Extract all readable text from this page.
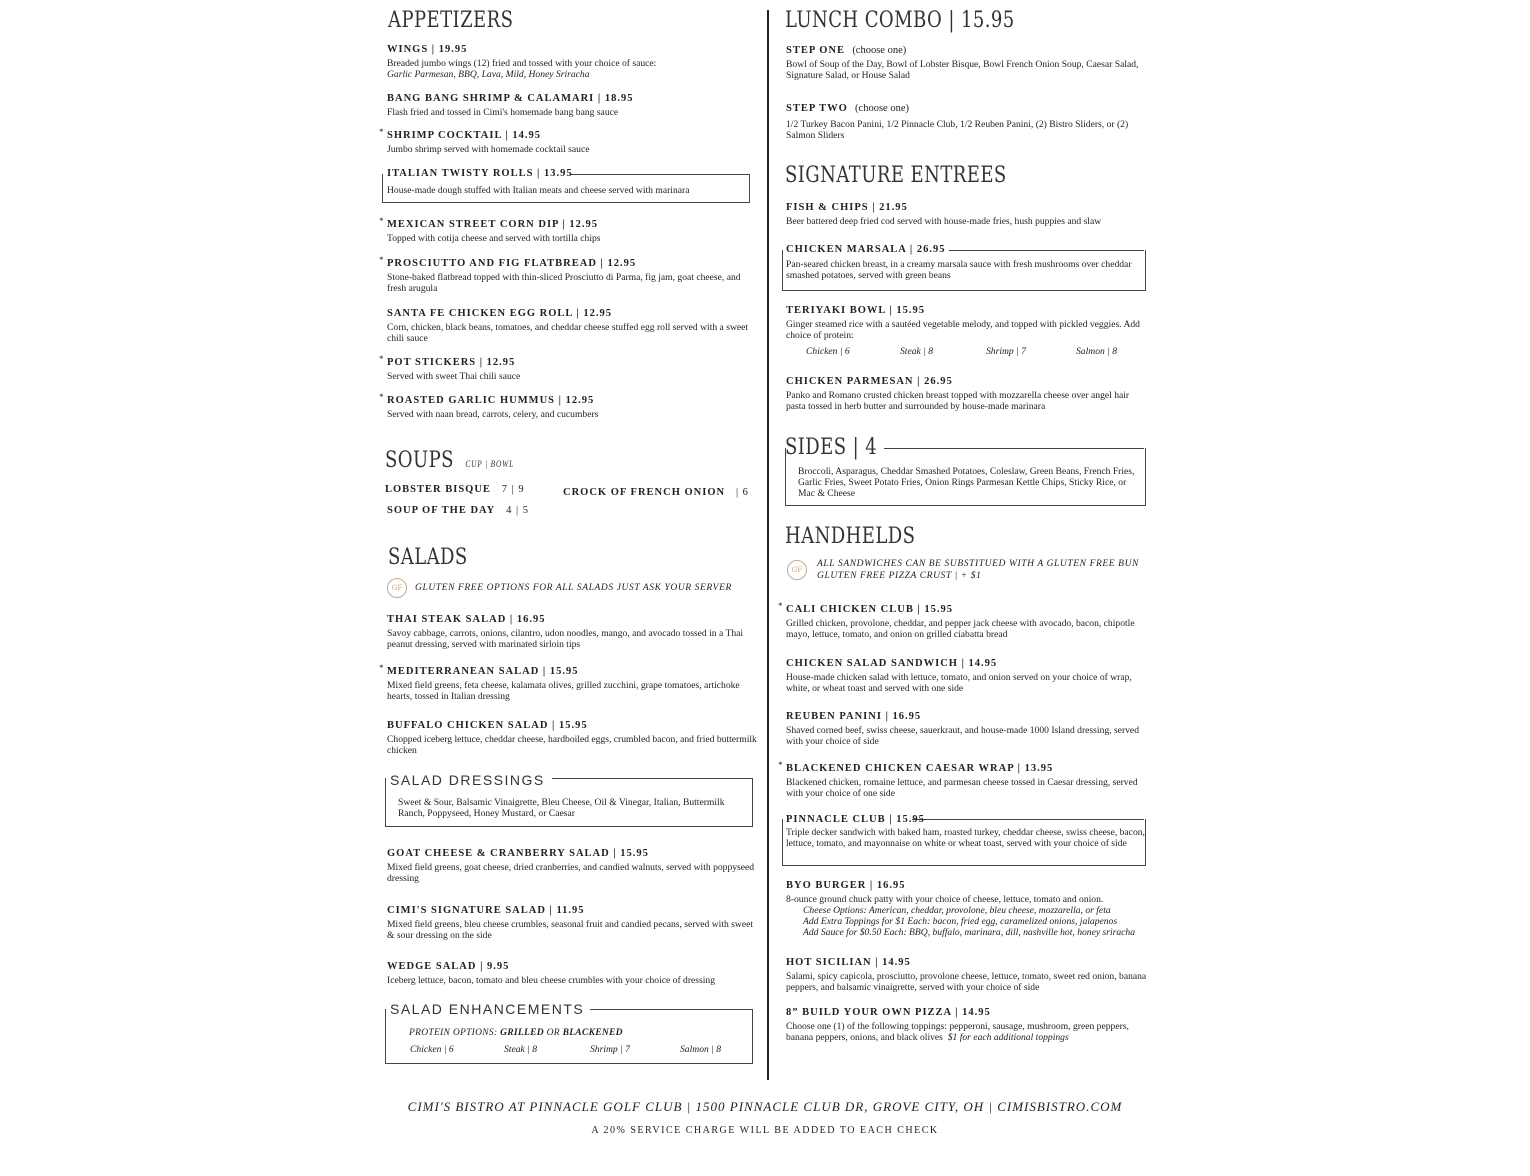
APPETIZERS
WINGS | 19.95
Breaded jumbo wings (12) fried and tossed with your choice of sauce:
Garlic Parmesan, BBQ, Lava, Mild, Honey Sriracha
BANG BANG SHRIMP & CALAMARI | 18.95
Flash fried and tossed in Cimi's homemade bang bang sauce
* SHRIMP COCKTAIL | 14.95
Jumbo shrimp served with homemade cocktail sauce
ITALIAN TWISTY ROLLS | 13.95
House-made dough stuffed with Italian meats and cheese served with marinara
* MEXICAN STREET CORN DIP | 12.95
Topped with cotija cheese and served with tortilla chips
* PROSCIUTTO AND FIG FLATBREAD | 12.95
Stone-baked flatbread topped with thin-sliced Prosciutto di Parma, fig jam, goat cheese, and fresh arugula
SANTA FE CHICKEN EGG ROLL | 12.95
Corn, chicken, black beans, tomatoes, and cheddar cheese stuffed egg roll served with a sweet chili sauce
* POT STICKERS | 12.95
Served with sweet Thai chili sauce
* ROASTED GARLIC HUMMUS | 12.95
Served with naan bread, carrots, celery, and cucumbers
SOUPS CUP | BOWL
LOBSTER BISQUE 7 | 9
SOUP OF THE DAY 4 | 5
CROCK OF FRENCH ONION | 6
SALADS
GF	GLUTEN FREE OPTIONS FOR ALL SALADS JUST ASK YOUR SERVER
THAI STEAK SALAD | 16.95
Savoy cabbage, carrots, onions, cilantro, udon noodles, mango, and avocado tossed in a Thai peanut dressing, served with marinated sirloin tips
* MEDITERRANEAN SALAD | 15.95
Mixed field greens, feta cheese, kalamata olives, grilled zucchini, grape tomatoes, artichoke hearts, tossed in Italian dressing
BUFFALO CHICKEN SALAD | 15.95
Chopped iceberg lettuce, cheddar cheese, hardboiled eggs, crumbled bacon, and fried buttermilk chicken
SALAD DRESSINGS
Sweet & Sour, Balsamic Vinaigrette, Bleu Cheese, Oil & Vinegar, Italian, Buttermilk Ranch, Poppyseed, Honey Mustard, or Caesar
GOAT CHEESE & CRANBERRY SALAD | 15.95
Mixed field greens, goat cheese, dried cranberries, and candied walnuts, served with poppyseed dressing
CIMI'S SIGNATURE SALAD | 11.95
Mixed field greens, bleu cheese crumbles, seasonal fruit and candied pecans, served with sweet & sour dressing on the side
WEDGE SALAD | 9.95
Iceberg lettuce, bacon, tomato and bleu cheese crumbles with your choice of dressing
SALAD ENHANCEMENTS
PROTEIN OPTIONS: GRILLED OR BLACKENED
Chicken | 6	Steak | 8	Shrimp | 7	Salmon | 8
LUNCH COMBO | 15.95
STEP ONE (choose one)
Bowl of Soup of the Day, Bowl of Lobster Bisque, Bowl French Onion Soup, Caesar Salad, Signature Salad, or House Salad
STEP TWO (choose one)
1/2 Turkey Bacon Panini, 1/2 Pinnacle Club, 1/2 Reuben Panini, (2) Bistro Sliders, or (2) Salmon Sliders
SIGNATURE ENTREES
FISH & CHIPS | 21.95
Beer battered deep fried cod served with house-made fries, hush puppies and slaw
CHICKEN MARSALA | 26.95
Pan-seared chicken breast, in a creamy marsala sauce with fresh mushrooms over cheddar smashed potatoes, served with green beans
TERIYAKI BOWL | 15.95
Ginger steamed rice with a sautéed vegetable melody, and topped with pickled veggies. Add choice of protein:
Chicken | 6	Steak | 8	Shrimp | 7	Salmon | 8
CHICKEN PARMESAN | 26.95
Panko and Romano crusted chicken breast topped with mozzarella cheese over angel hair pasta tossed in herb butter and surrounded by house-made marinara
SIDES | 4
Broccoli, Asparagus, Cheddar Smashed Potatoes, Coleslaw, Green Beans, French Fries, Garlic Fries, Sweet Potato Fries, Onion Rings Parmesan Kettle Chips, Sticky Rice, or Mac & Cheese
HANDHELDS
GF
ALL SANDWICHES CAN BE SUBSTITUED WITH A GLUTEN FREE BUN
GLUTEN FREE PIZZA CRUST | + $1
* CALI CHICKEN CLUB | 15.95
Grilled chicken, provolone, cheddar, and pepper jack cheese with avocado, bacon, chipotle mayo, lettuce, tomato, and onion on grilled ciabatta bread
CHICKEN SALAD SANDWICH | 14.95
House-made chicken salad with lettuce, tomato, and onion served on your choice of wrap, white, or wheat toast and served with one side
REUBEN PANINI | 16.95
Shaved corned beef, swiss cheese, sauerkraut, and house-made 1000 Island dressing, served with your choice of side
* BLACKENED CHICKEN CAESAR WRAP | 13.95
Blackened chicken, romaine lettuce, and parmesan cheese tossed in Caesar dressing, served with your choice of one side
PINNACLE CLUB | 15.95
Triple decker sandwich with baked ham, roasted turkey, cheddar cheese, swiss cheese, bacon, lettuce, tomato, and mayonnaise on white or wheat toast, served with your choice of side
BYO BURGER | 16.95
8-ounce ground chuck patty with your choice of cheese, lettuce, tomato and onion.
Cheese Options: American, cheddar, provolone, bleu cheese, mozzarella, or feta
Add Extra Toppings for $1 Each: bacon, fried egg, caramelized onions, jalapenos
Add Sauce for $0.50 Each: BBQ, buffalo, marinara, dill, nashville hot, honey sriracha
HOT SICILIAN | 14.95
Salami, spicy capicola, prosciutto, provolone cheese, lettuce, tomato, sweet red onion, banana peppers, and balsamic vinaigrette, served with your choice of side
8” BUILD YOUR OWN PIZZA | 14.95
Choose one (1) of the following toppings: pepperoni, sausage, mushroom, green peppers, banana peppers, onions, and black olives $1 for each additional toppings
CIMI'S BISTRO AT PINNACLE GOLF CLUB | 1500 PINNACLE CLUB DR, GROVE CITY, OH | CIMISBISTRO.COM
A 20% SERVICE CHARGE WILL BE ADDED TO EACH CHECK
